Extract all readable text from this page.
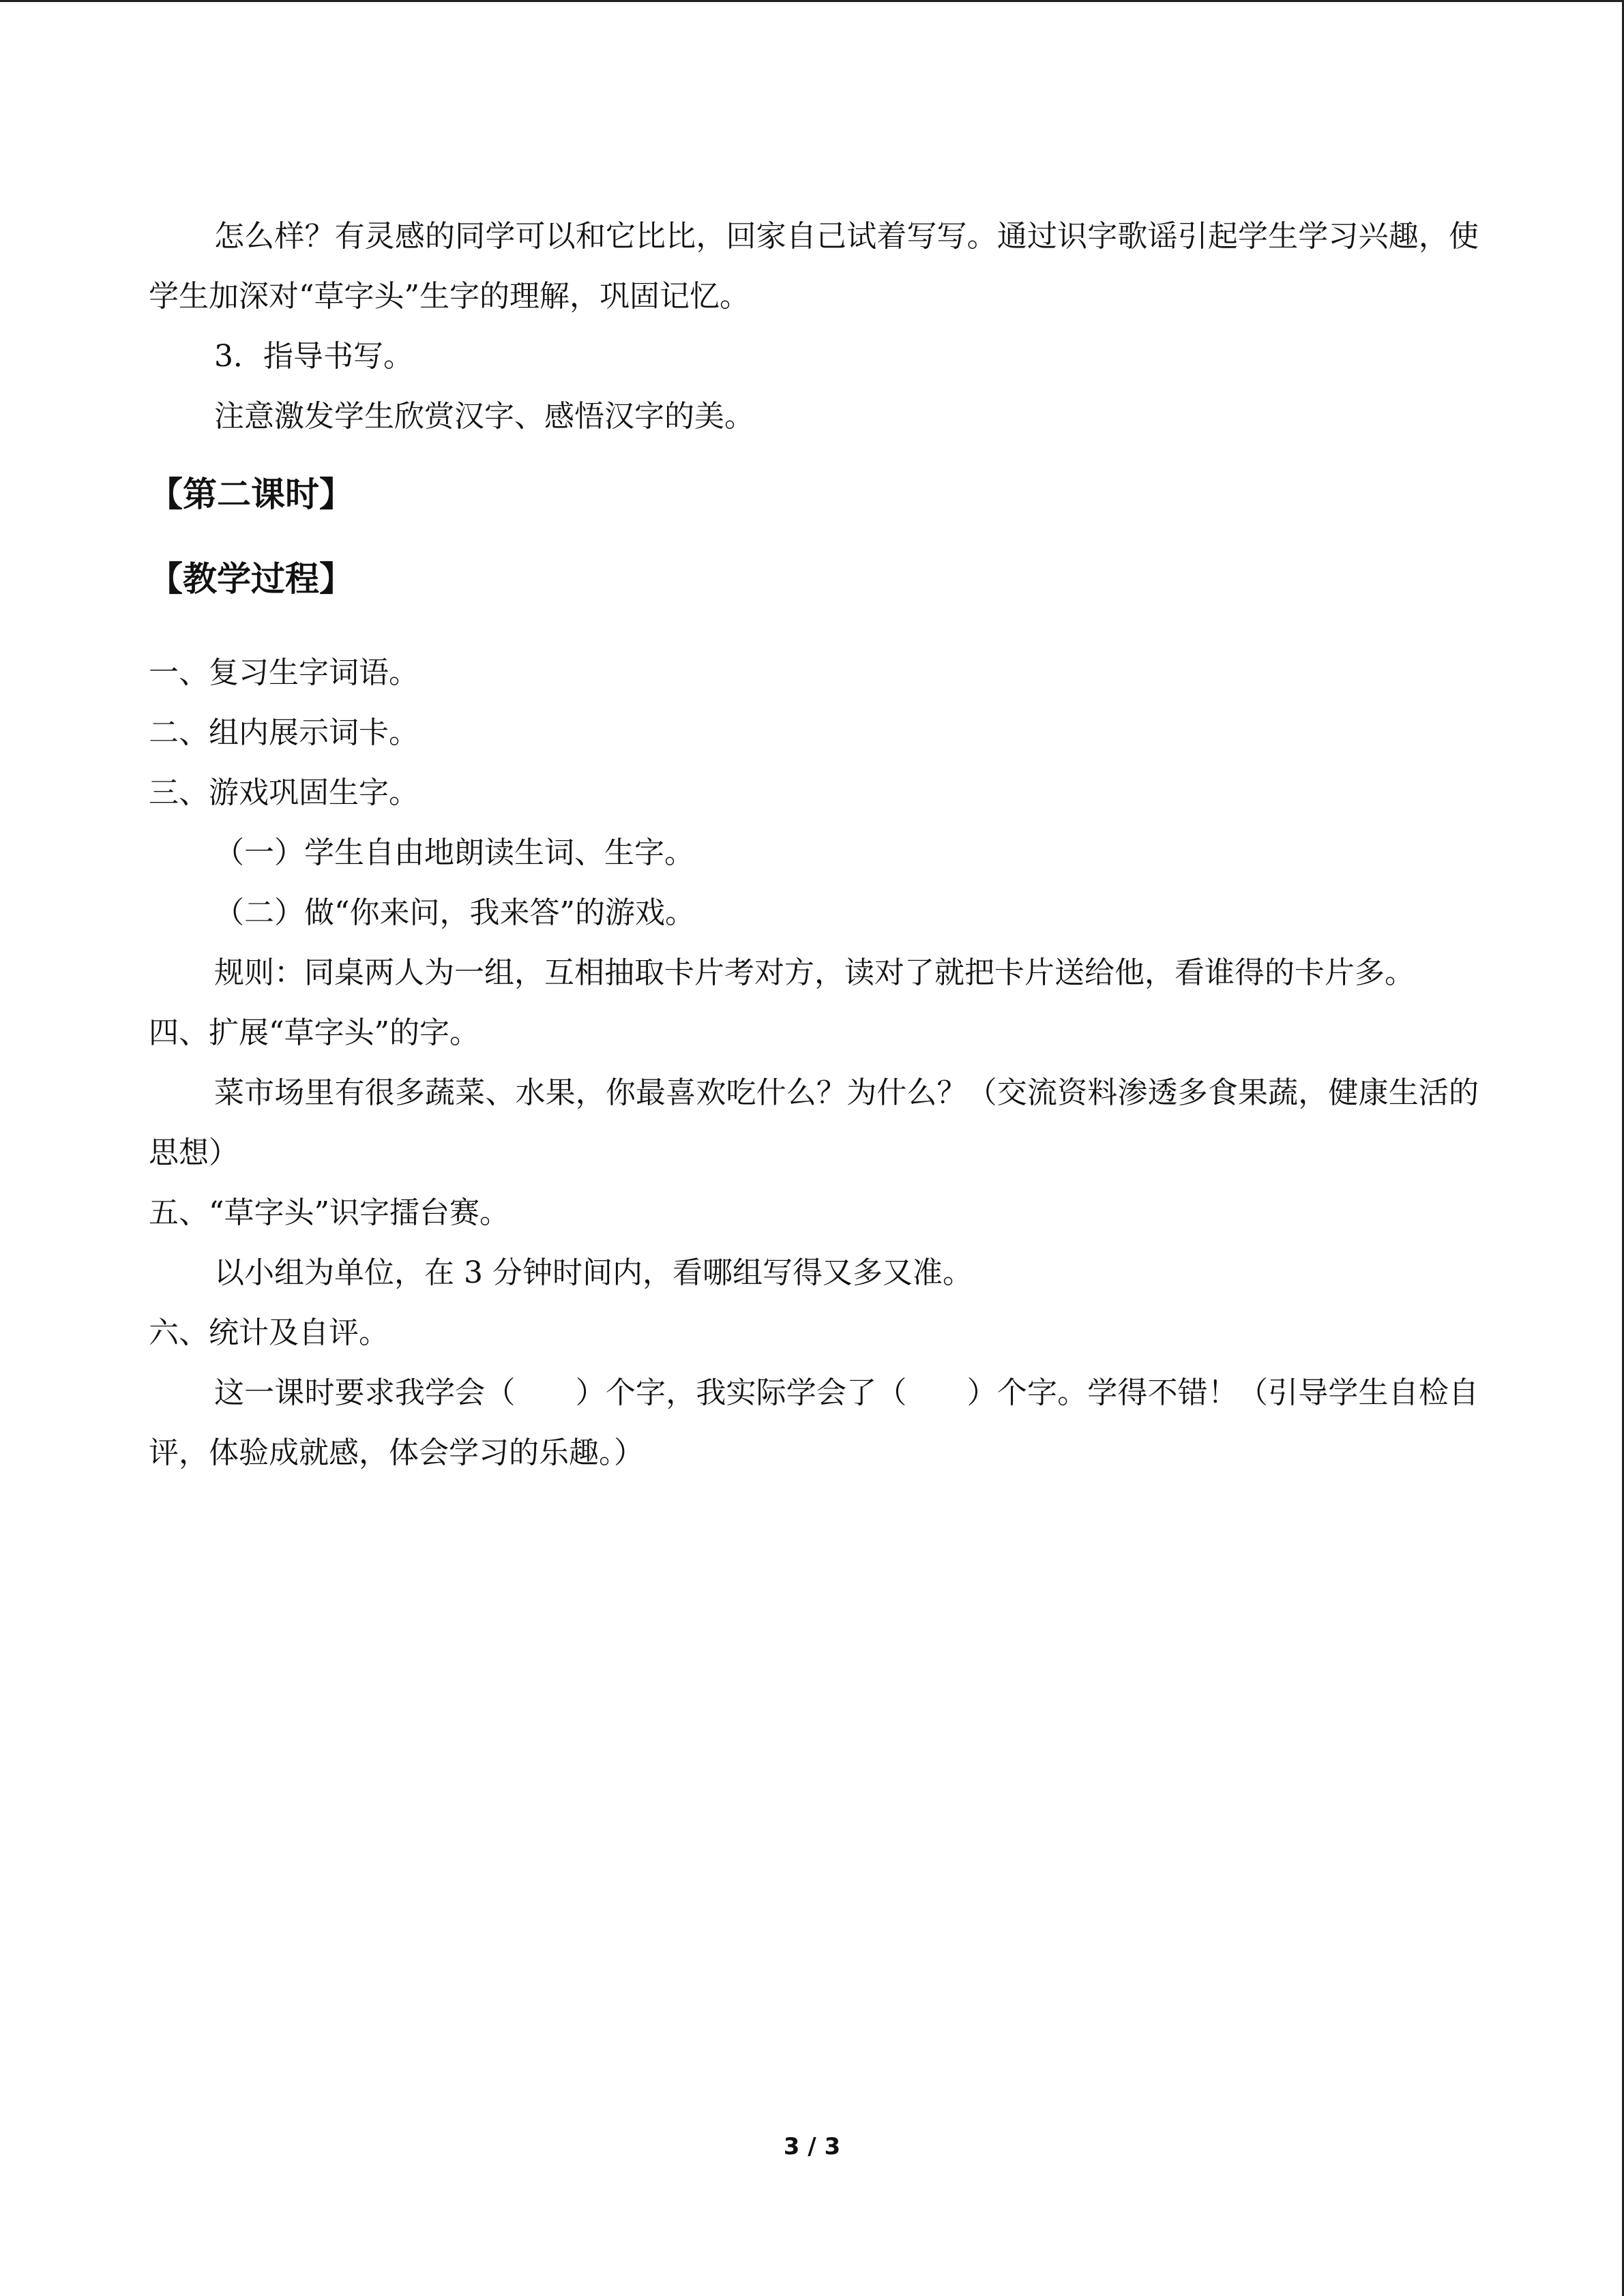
怎么样？有灵感的同学可以和它比比，回家自己试着写写。通过识字歌谣引起学生学习兴趣，使学生加深对“草字头”生字的理解，巩固记忆。

3．指导书写。

注意激发学生欣赏汉字、感悟汉字的美。

【第二课时】
【教学过程】

一、复习生字词语。

二、组内展示词卡。

三、游戏巩固生字。

（一）学生自由地朗读生词、生字。

（二）做“你来问，我来答”的游戏。

规则：同桌两人为一组，互相抽取卡片考对方，读对了就把卡片送给他，看谁得的卡片多。

四、扩展“草字头”的字。

菜市场里有很多蔬菜、水果，你最喜欢吃什么？为什么？（交流资料渗透多食果蔬，健康生活的思想）

五、“草字头”识字擂台赛。

以小组为单位，在 3 分钟时间内，看哪组写得又多又准。

六、统计及自评。

这一课时要求我学会（　　）个字，我实际学会了（　　）个字。学得不错！（引导学生自检自评，体验成就感，体会学习的乐趣。）

3 / 3
